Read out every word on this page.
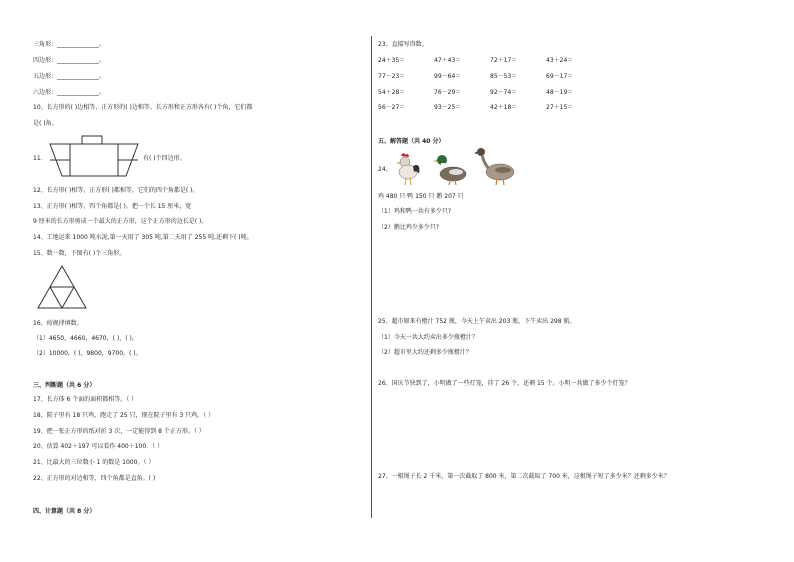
三角形：______________。
四边形：______________。
五边形：______________。
六边形：______________。
10、长方形的( )边相等，正方形的( )边相等。长方形和正方形各有( )个角，它们都
是( )角。
11．	有( )个四边形。
12、长方形( )相等，正方形( )都相等，它们的四个角都是( )。
13、正方形( )相等，四个角都是( )。把一个长 15 厘米，宽
9 厘米的长方形剪成一个最大的正方形，这个正方形的边长是( )。
14、工地运来 1000 吨水泥,第一天用了 305 吨,第二天用了 255 吨,还剩下( )吨。
15、数一数，下图有( )个三角形。
16、按规律填数。
（1）4650，4660，4670，( )，( )。
（2）10000，( )，9800，9700，( )。
三、判断题（共 6 分）
17、长方体 6 个面的面积都相等。（ ）
18、院子里有 18 只鸡，跑走了 25 只，现在院子里有 3 只鸡。（ ）
19、把一张正方形的纸对折 3 次，一定能得到 8 个正方形。（ ）
20、估算 402＋197 可以看作 400＋100．（ ）
21、比最大的三位数小 1 的数是 1000。（ ）
22、正方形的对边相等，四个角都是直角。( )
四、计算题（共 8 分）
23、直接写得数。
24＋35＝	47＋43＝	72＋17＝	43＋24＝
77－23＝	99－64＝	85－53＝	69－17＝
54＋28＝	76－29＝	92－74＝	48－19＝
56－27＝	93－25＝	42＋18＝	27＋15＝
五、解答题（共 40 分）
24、
鸡 480 只 鸭 150 只 鹅 207 只
（1）鸡和鸭一共有多少只?
（2）鹅比鸡少多少只?
25、超市原来有橙汁 752 瓶，今天上午卖出 203 瓶，下午卖出 298 瓶。
（1）今天一共大约卖出多少瓶橙汁？
（2）超市里大约还剩多少瓶橙汁？
26、国庆节快到了，小明做了一些灯笼，挂了 26 个，还剩 15 个。小明一共做了多少个灯笼？
27、一根绳子长 2 千米，第一次截取了 800 米，第二次截取了 700 米，这根绳子短了多少米？还剩多少米？
